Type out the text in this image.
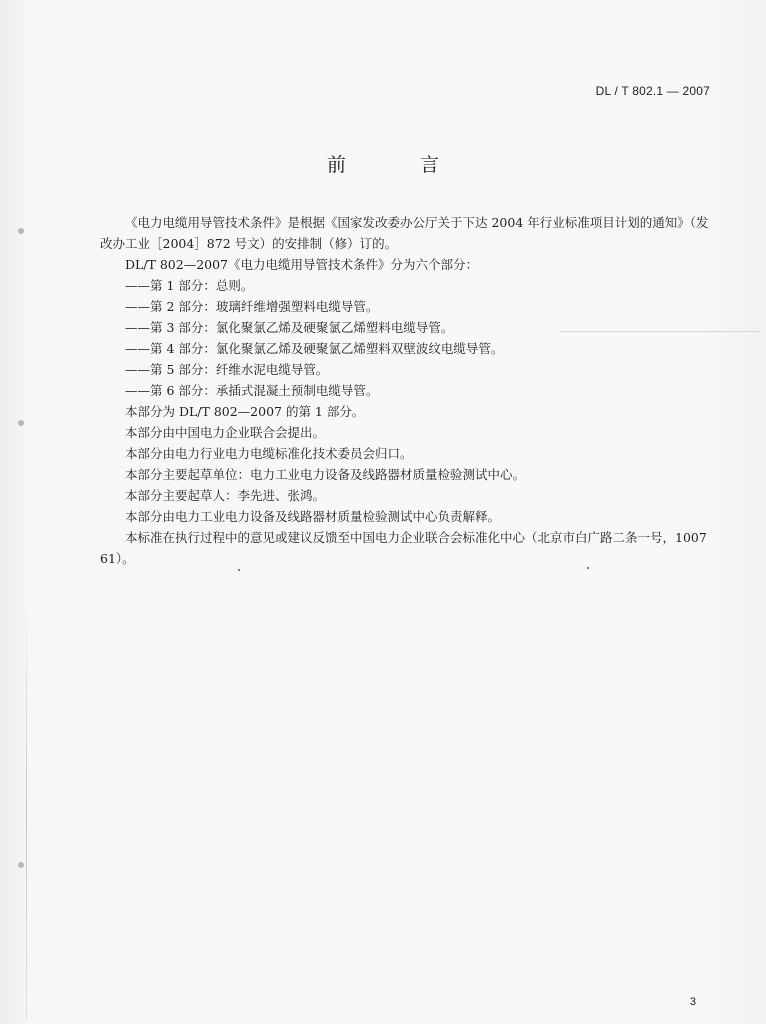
DL / T 802.1 — 2007
前 言

《电力电缆用导管技术条件》是根据《国家发改委办公厅关于下达 2004 年行业标准项目计划的通知》（发改办工业［2004］872 号文）的安排制（修）订的。

DL/T 802—2007《电力电缆用导管技术条件》分为六个部分：

——第 1 部分：总则。

——第 2 部分：玻璃纤维增强塑料电缆导管。

——第 3 部分：氯化聚氯乙烯及硬聚氯乙烯塑料电缆导管。

——第 4 部分：氯化聚氯乙烯及硬聚氯乙烯塑料双壁波纹电缆导管。

——第 5 部分：纤维水泥电缆导管。

——第 6 部分：承插式混凝土预制电缆导管。

本部分为 DL/T 802—2007 的第 1 部分。

本部分由中国电力企业联合会提出。

本部分由电力行业电力电缆标准化技术委员会归口。

本部分主要起草单位：电力工业电力设备及线路器材质量检验测试中心。

本部分主要起草人：李先进、张鸿。

本部分由电力工业电力设备及线路器材质量检验测试中心负责解释。

本标准在执行过程中的意见或建议反馈至中国电力企业联合会标准化中心（北京市白广路二条一号，100761）。

3
